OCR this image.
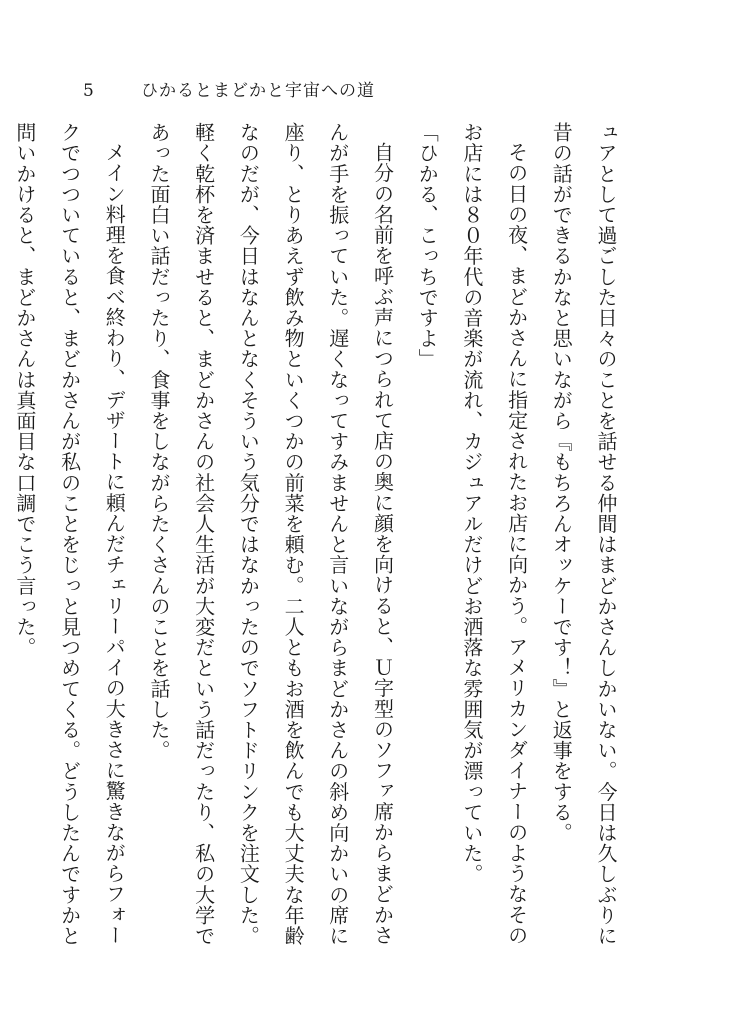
5	ひかるとまどかと宇宙への道

ュアとして過ごした日々のことを話せる仲間はまどかさんしかいない。今日は久しぶりに昔の話ができるかなと思いながら『もちろんオッケーです！』と返事をする。

その日の夜、まどかさんに指定されたお店に向かう。アメリカンダイナーのようなそのお店には８０年代の音楽が流れ、カジュアルだけどお洒落な雰囲気が漂っていた。

「ひかる、こっちですよ」

自分の名前を呼ぶ声につられて店の奥に顔を向けると、Ｕ字型のソファ席からまどかさんが手を振っていた。遅くなってすみませんと言いながらまどかさんの斜め向かいの席に座り、とりあえず飲み物といくつかの前菜を頼む。二人ともお酒を飲んでも大丈夫な年齢なのだが、今日はなんとなくそういう気分ではなかったのでソフトドリンクを注文した。軽く乾杯を済ませると、まどかさんの社会人生活が大変だという話だったり、私の大学であった面白い話だったり、食事をしながらたくさんのことを話した。

メイン料理を食べ終わり、デザートに頼んだチェリーパイの大きさに驚きながらフォークでつついていると、まどかさんが私のことをじっと見つめてくる。どうしたんですかと問いかけると、まどかさんは真面目な口調でこう言った。
